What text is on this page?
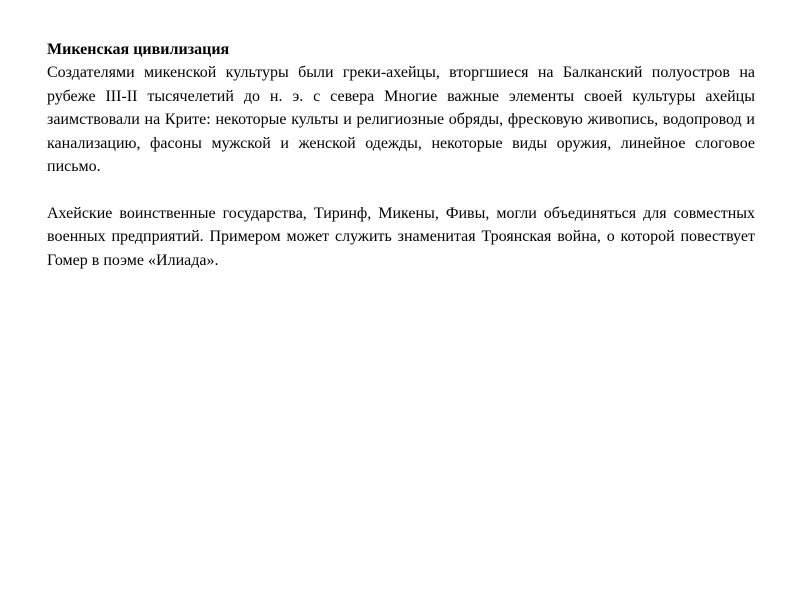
Микенская цивилизация

Создателями микенской культуры были греки-ахейцы, вторгшиеся на Балканский полуостров на рубеже III-II тысячелетий до н. э. с севера Многие важные элементы своей культуры ахейцы заимствовали на Крите: некоторые культы и религиозные обряды, фресковую живопись, водопровод и канализацию, фасоны мужской и женской одежды, некоторые виды оружия, линейное слоговое письмо.

Ахейские воинственные государства, Тиринф, Микены, Фивы, могли объединяться для совместных военных предприятий. Примером может служить знаменитая Троянская война, о которой повествует Гомер в поэме «Илиада».
